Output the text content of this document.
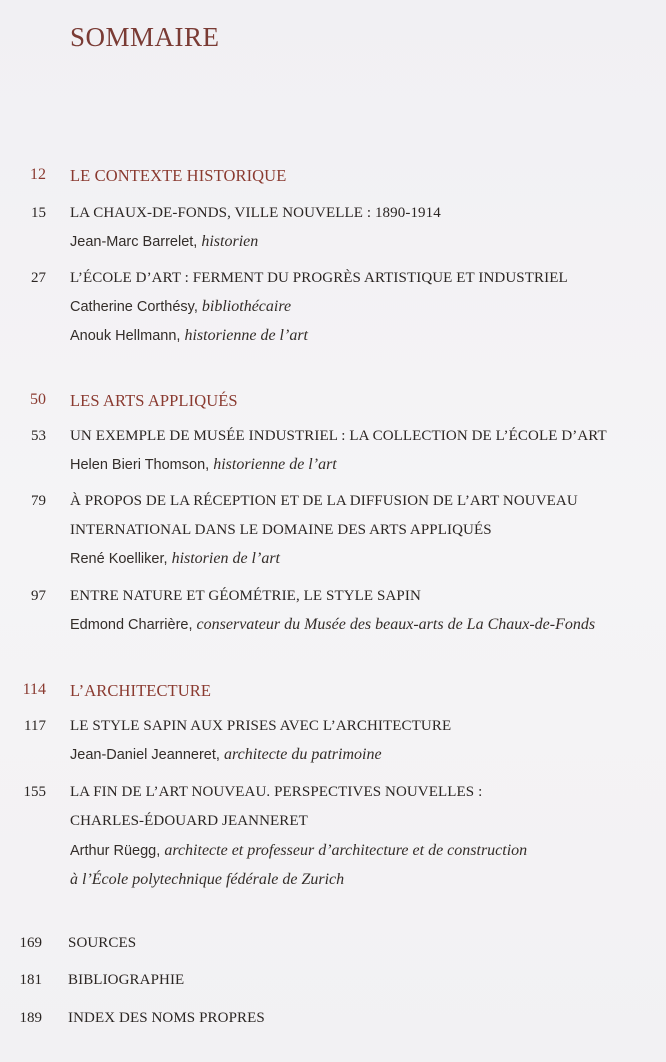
SOMMAIRE
12 LE CONTEXTE HISTORIQUE
15 LA CHAUX-DE-FONDS, VILLE NOUVELLE : 1890-1914
Jean-Marc Barrelet, historien
27 L’ÉCOLE D’ART : FERMENT DU PROGRÈS ARTISTIQUE ET INDUSTRIEL
Catherine Corthésy, bibliothécaire
Anouk Hellmann, historienne de l’art
50 LES ARTS APPLIQUÉS
53 UN EXEMPLE DE MUSÉE INDUSTRIEL : LA COLLECTION DE L’ÉCOLE D’ART
Helen Bieri Thomson, historienne de l’art
79 À PROPOS DE LA RÉCEPTION ET DE LA DIFFUSION DE L’ART NOUVEAU
INTERNATIONAL DANS LE DOMAINE DES ARTS APPLIQUÉS
René Koelliker, historien de l’art
97 ENTRE NATURE ET GÉOMÉTRIE, LE STYLE SAPIN
Edmond Charrière, conservateur du Musée des beaux-arts de La Chaux-de-Fonds
114 L’ARCHITECTURE
117 LE STYLE SAPIN AUX PRISES AVEC L’ARCHITECTURE
Jean-Daniel Jeanneret, architecte du patrimoine
155 LA FIN DE L’ART NOUVEAU. PERSPECTIVES NOUVELLES :
CHARLES-ÉDOUARD JEANNERET
Arthur Rüegg, architecte et professeur d’architecture et de construction
à l’École polytechnique fédérale de Zurich
169 SOURCES
181 BIBLIOGRAPHIE
189 INDEX DES NOMS PROPRES
